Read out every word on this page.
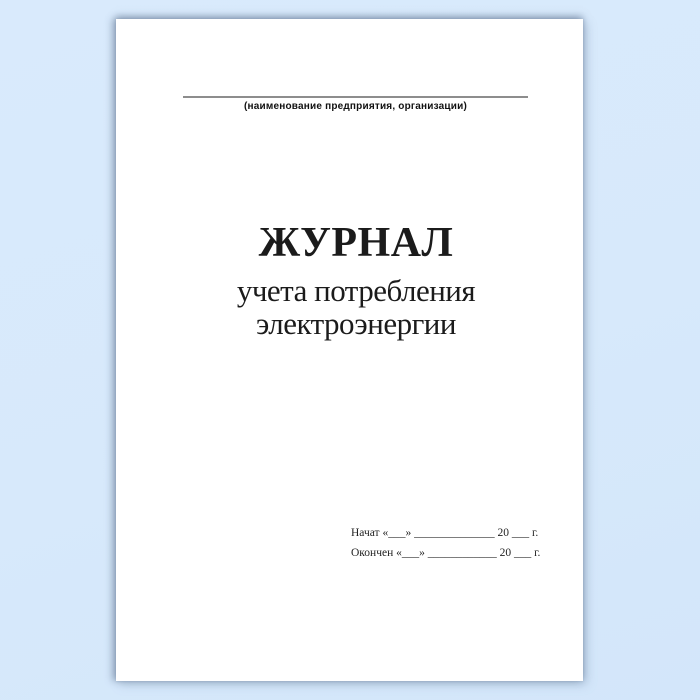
(наименование предприятия, организации)
ЖУРНАЛ
учета потребления
электроэнергии
Начат «___» ______________ 20 ___ г.
Окончен «___» ____________ 20 ___ г.
